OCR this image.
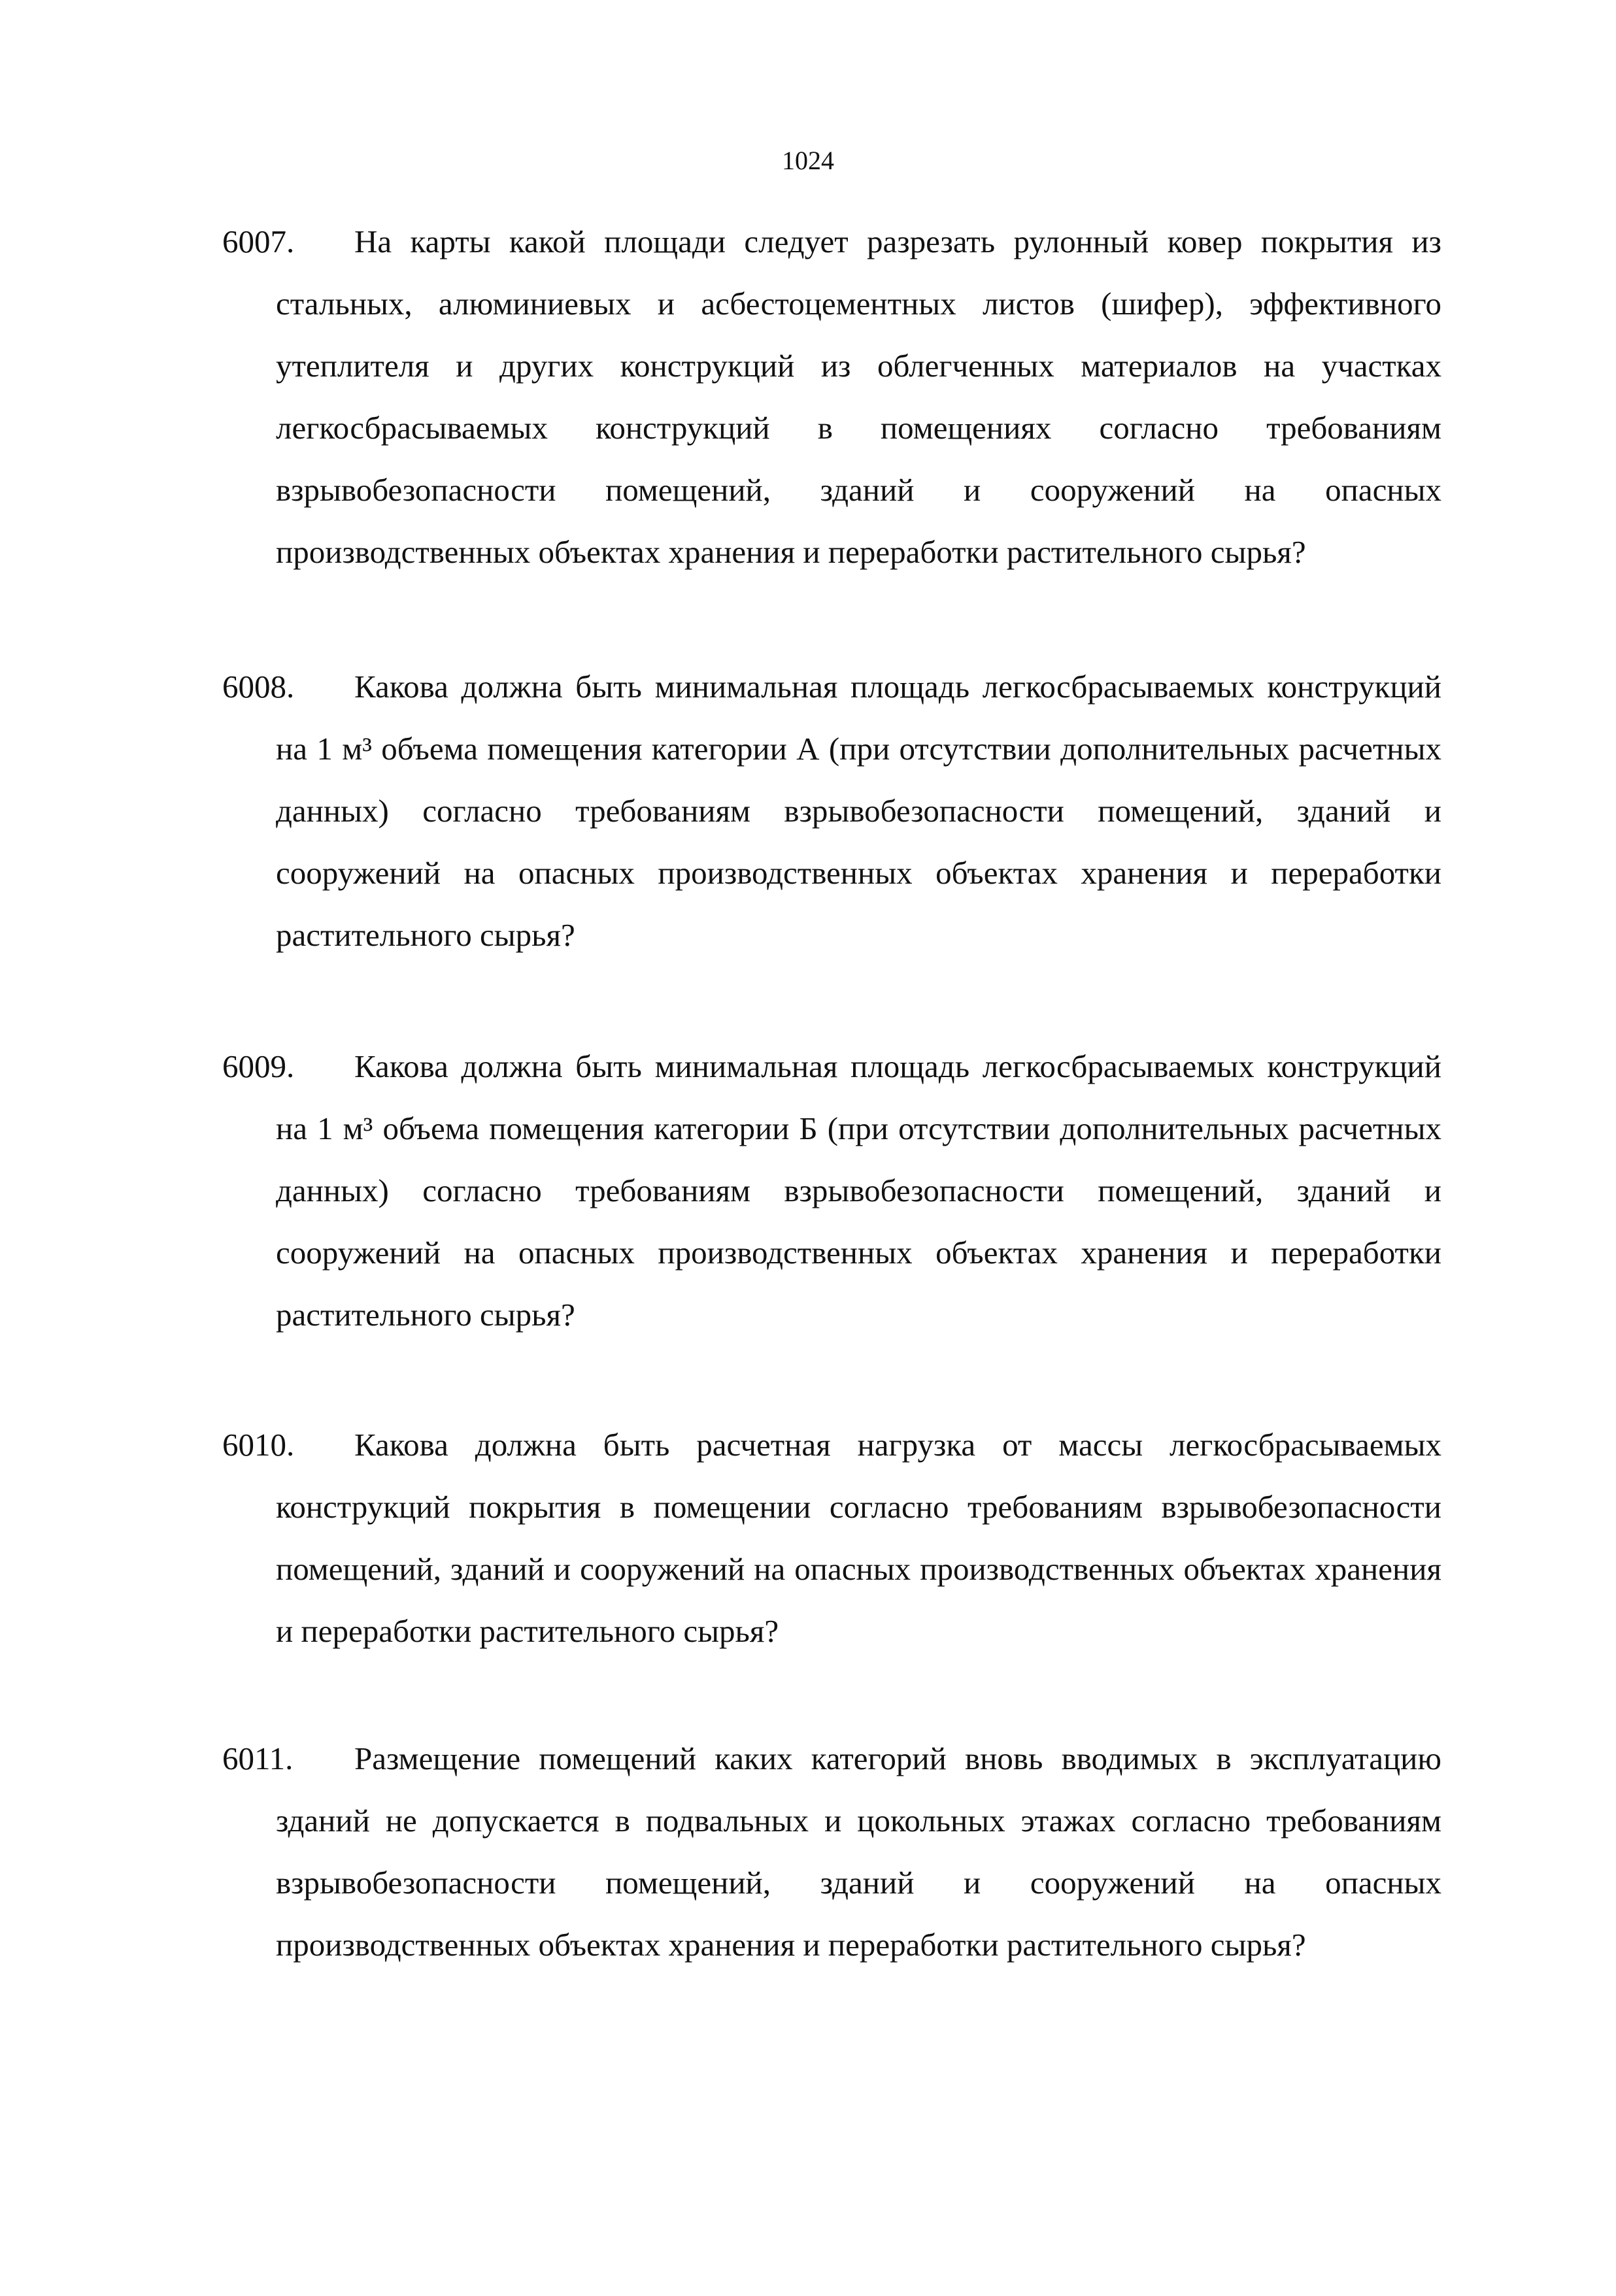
1024
6007.	На карты какой площади следует разрезать рулонный ковер покрытия из стальных, алюминиевых и асбестоцементных листов (шифер), эффективного утеплителя и других конструкций из облегченных материалов на участках легкосбрасываемых конструкций в помещениях согласно требованиям взрывобезопасности помещений, зданий и сооружений на опасных производственных объектах хранения и переработки растительного сырья?

6008.	Какова должна быть минимальная площадь легкосбрасываемых конструкций на 1 м³ объема помещения категории А (при отсутствии дополнительных расчетных данных) согласно требованиям взрывобезопасности помещений, зданий и сооружений на опасных производственных объектах хранения и переработки растительного сырья?

6009.	Какова должна быть минимальная площадь легкосбрасываемых конструкций на 1 м³ объема помещения категории Б (при отсутствии дополнительных расчетных данных) согласно требованиям взрывобезопасности помещений, зданий и сооружений на опасных производственных объектах хранения и переработки растительного сырья?

6010.	Какова должна быть расчетная нагрузка от массы легкосбрасываемых конструкций покрытия в помещении согласно требованиям взрывобезопасности помещений, зданий и сооружений на опасных производственных объектах хранения и переработки растительного сырья?

6011.	Размещение помещений каких категорий вновь вводимых в эксплуатацию зданий не допускается в подвальных и цокольных этажах согласно требованиям взрывобезопасности помещений, зданий и сооружений на опасных производственных объектах хранения и переработки растительного сырья?
